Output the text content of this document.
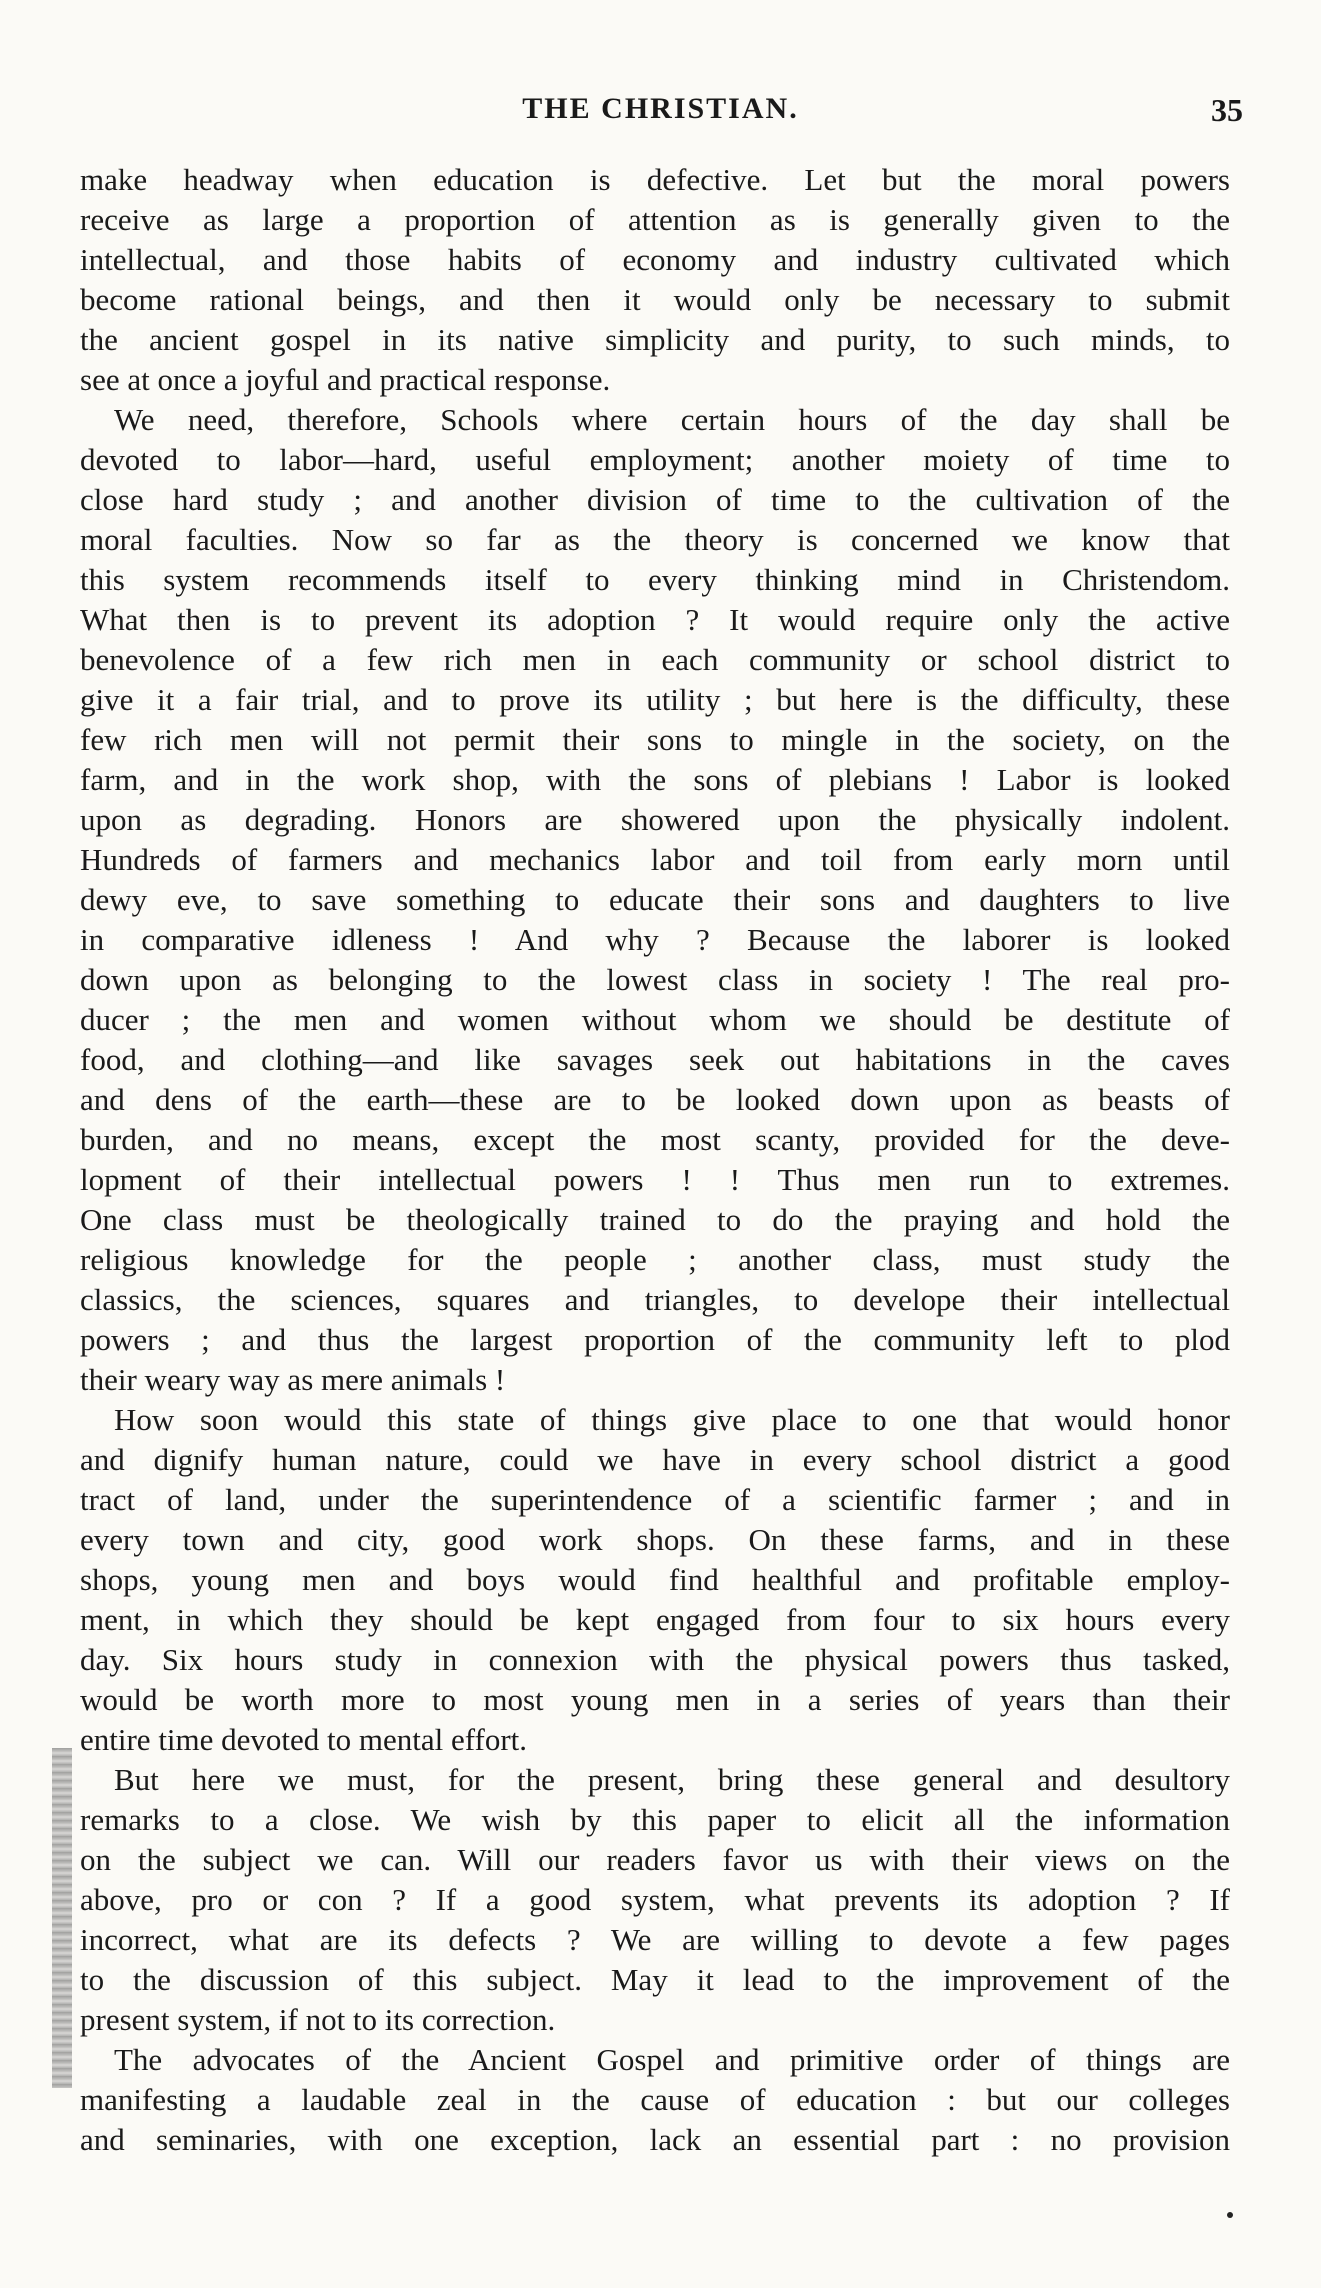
THE CHRISTIAN.	35
make headway when education is defective. Let but the moral powers
receive as large a proportion of attention as is generally given to the
intellectual, and those habits of economy and industry cultivated which
become rational beings, and then it would only be necessary to submit
the ancient gospel in its native simplicity and purity, to such minds, to
see at once a joyful and practical response.
We need, therefore, Schools where certain hours of the day shall be
devoted to labor—hard, useful employment; another moiety of time to
close hard study ; and another division of time to the cultivation of the
moral faculties. Now so far as the theory is concerned we know that
this system recommends itself to every thinking mind in Christendom.
What then is to prevent its adoption ? It would require only the active
benevolence of a few rich men in each community or school district to
give it a fair trial, and to prove its utility ; but here is the difficulty, these
few rich men will not permit their sons to mingle in the society, on the
farm, and in the work shop, with the sons of plebians ! Labor is looked
upon as degrading. Honors are showered upon the physically indolent.
Hundreds of farmers and mechanics labor and toil from early morn until
dewy eve, to save something to educate their sons and daughters to live
in comparative idleness ! And why ? Because the laborer is looked
down upon as belonging to the lowest class in society ! The real pro-
ducer ; the men and women without whom we should be destitute of
food, and clothing—and like savages seek out habitations in the caves
and dens of the earth—these are to be looked down upon as beasts of
burden, and no means, except the most scanty, provided for the deve-
lopment of their intellectual powers ! ! Thus men run to extremes.
One class must be theologically trained to do the praying and hold the
religious knowledge for the people ; another class, must study the
classics, the sciences, squares and triangles, to develope their intellectual
powers ; and thus the largest proportion of the community left to plod
their weary way as mere animals !
How soon would this state of things give place to one that would honor
and dignify human nature, could we have in every school district a good
tract of land, under the superintendence of a scientific farmer ; and in
every town and city, good work shops. On these farms, and in these
shops, young men and boys would find healthful and profitable employ-
ment, in which they should be kept engaged from four to six hours every
day. Six hours study in connexion with the physical powers thus tasked,
would be worth more to most young men in a series of years than their
entire time devoted to mental effort.
But here we must, for the present, bring these general and desultory
remarks to a close. We wish by this paper to elicit all the information
on the subject we can. Will our readers favor us with their views on the
above, pro or con ? If a good system, what prevents its adoption ? If
incorrect, what are its defects ? We are willing to devote a few pages
to the discussion of this subject. May it lead to the improvement of the
present system, if not to its correction.
The advocates of the Ancient Gospel and primitive order of things are
manifesting a laudable zeal in the cause of education : but our colleges
and seminaries, with one exception, lack an essential part : no provision
